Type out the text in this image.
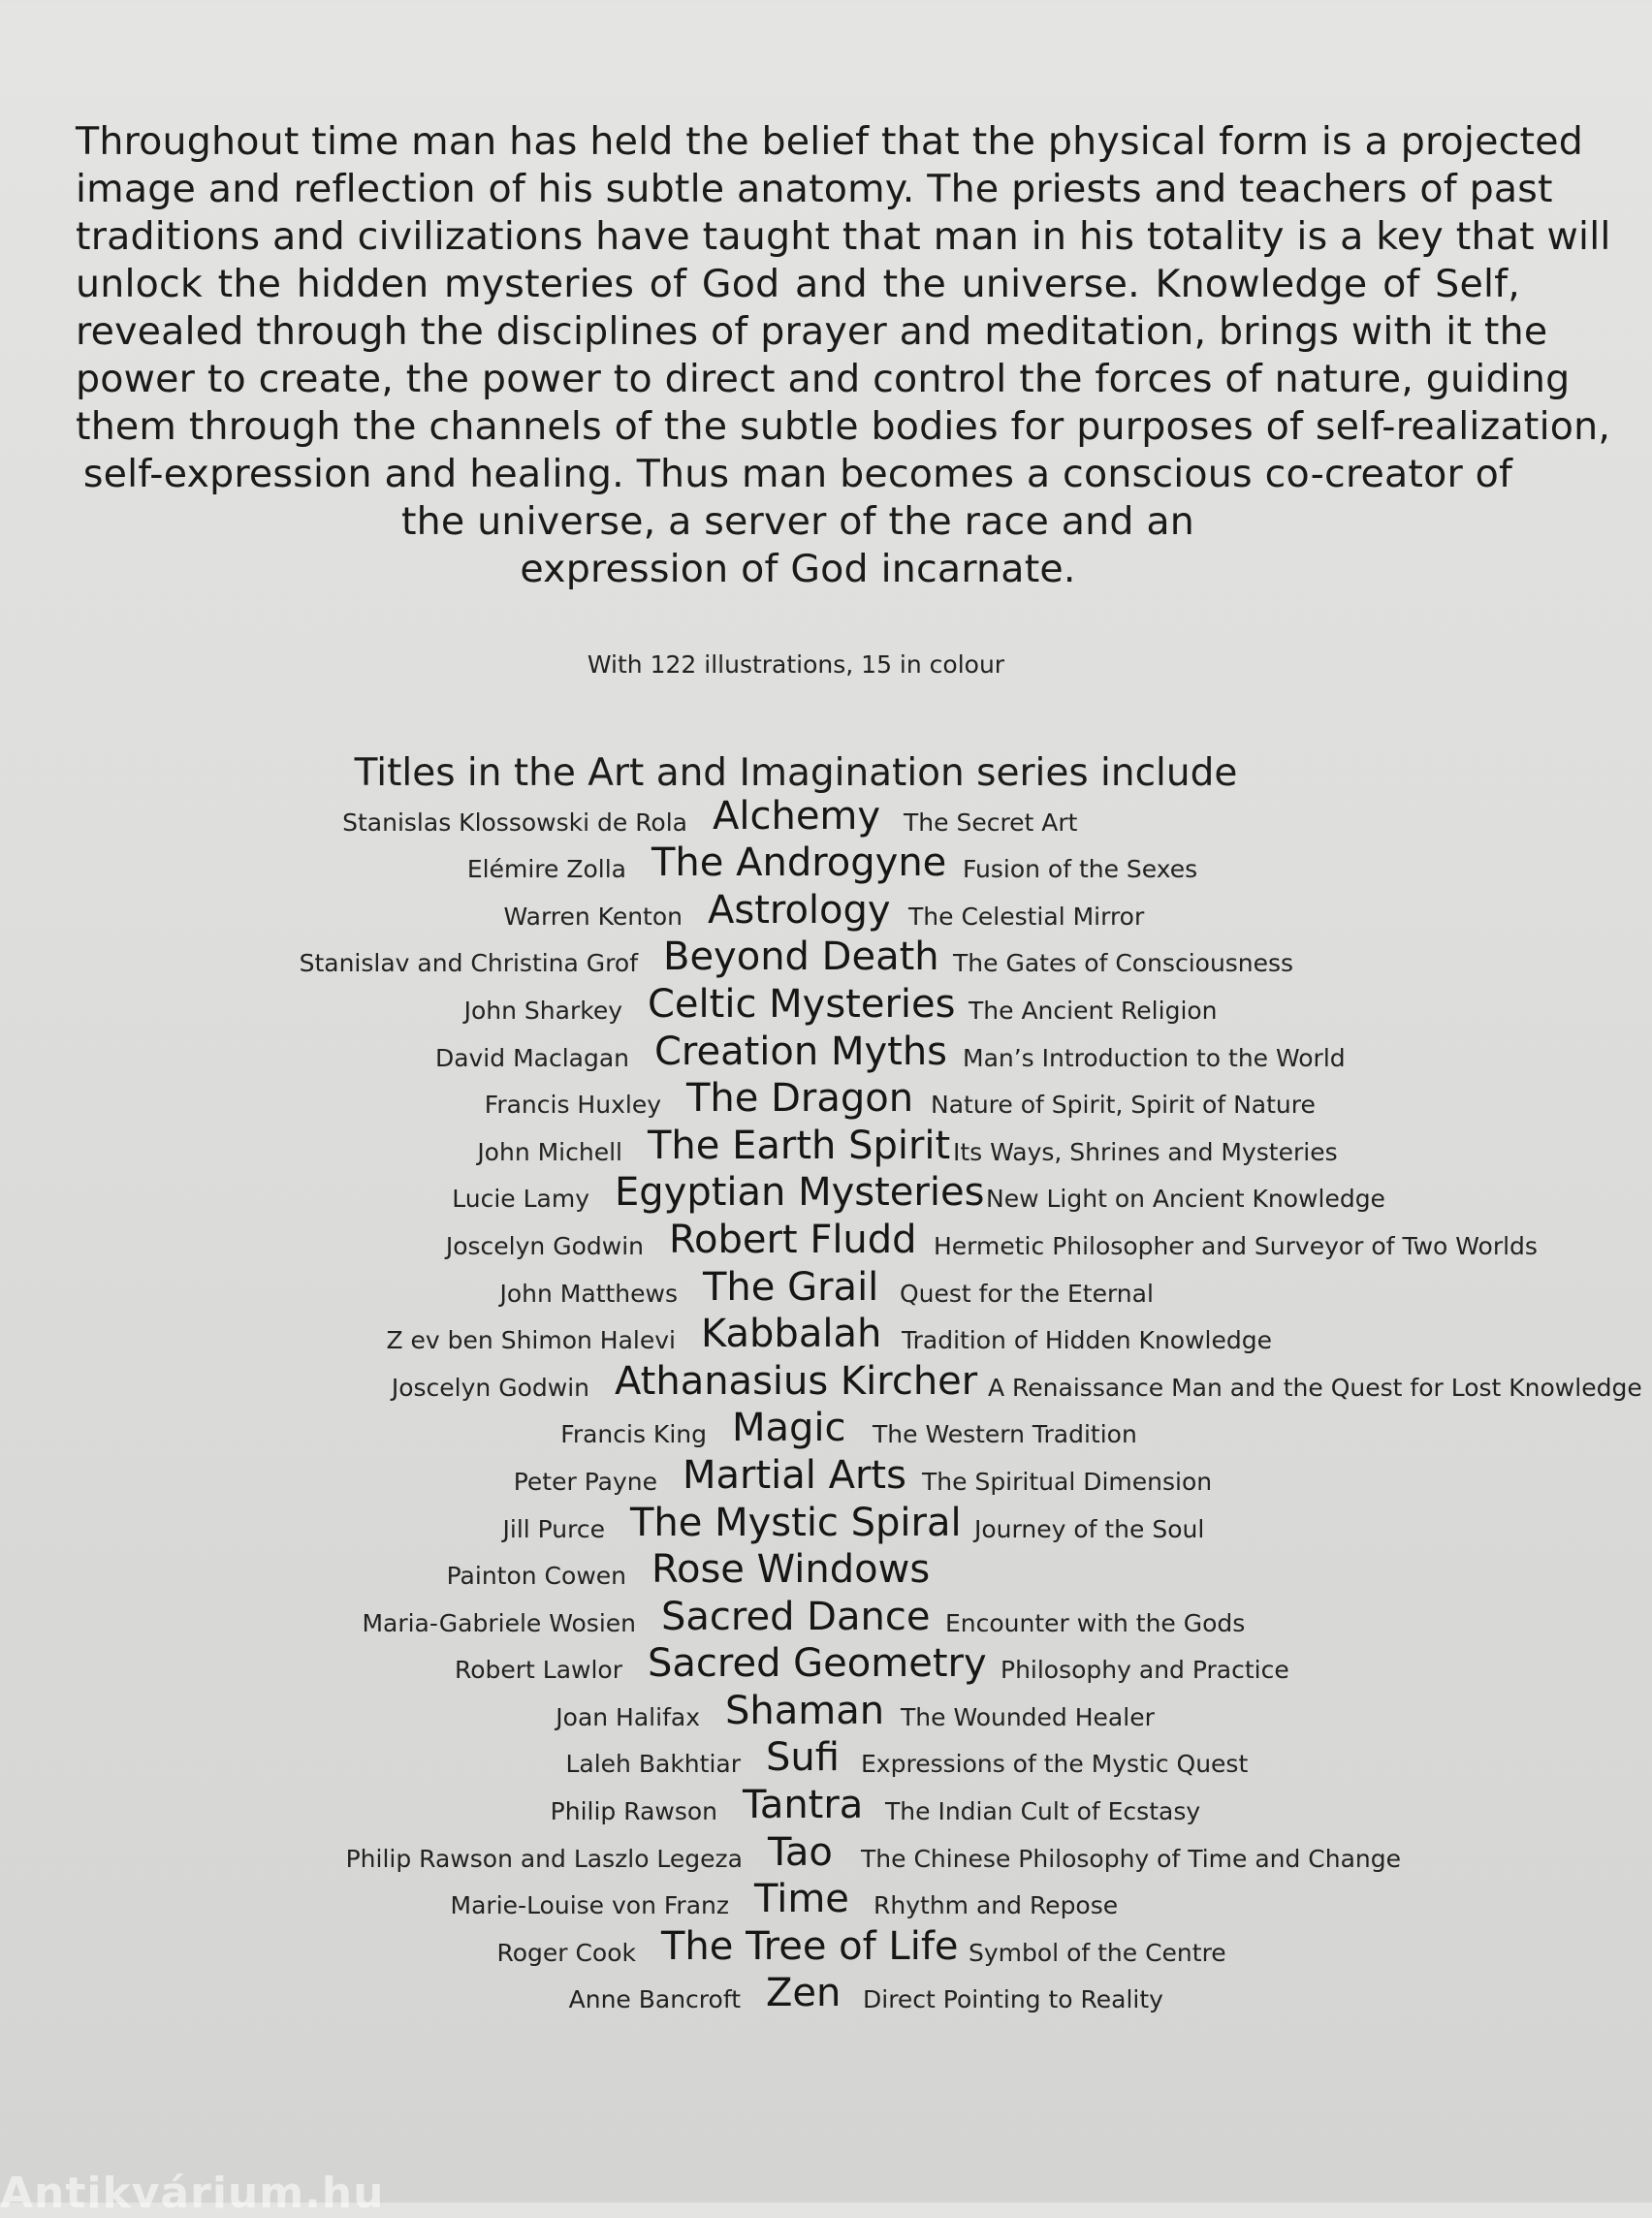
Throughout time man has held the belief that the physical form is a projected
image and reflection of his subtle anatomy. The priests and teachers of past
traditions and civilizations have taught that man in his totality is a key that will
unlock the hidden mysteries of God and the universe. Knowledge of Self,
revealed through the disciplines of prayer and meditation, brings with it the
power to create, the power to direct and control the forces of nature, guiding
them through the channels of the subtle bodies for purposes of self-realization,
self-expression and healing. Thus man becomes a conscious co-creator of
the universe, a server of the race and an
expression of God incarnate.
With 122 illustrations, 15 in colour
Titles in the Art and Imagination series include
Stanislas Klossowski de Rola Alchemy The Secret Art
Elémire Zolla The Androgyne Fusion of the Sexes
Warren Kenton Astrology The Celestial Mirror
Stanislav and Christina Grof Beyond Death The Gates of Consciousness
John Sharkey Celtic Mysteries The Ancient Religion
David Maclagan Creation Myths Man’s Introduction to the World
Francis Huxley The Dragon Nature of Spirit, Spirit of Nature
John Michell The Earth Spirit Its Ways, Shrines and Mysteries
Lucie Lamy Egyptian Mysteries New Light on Ancient Knowledge
Joscelyn Godwin Robert Fludd Hermetic Philosopher and Surveyor of Two Worlds
John Matthews The Grail Quest for the Eternal
Z ev ben Shimon Halevi Kabbalah Tradition of Hidden Knowledge
Joscelyn Godwin Athanasius Kircher A Renaissance Man and the Quest for Lost Knowledge
Francis King Magic The Western Tradition
Peter Payne Martial Arts The Spiritual Dimension
Jill Purce The Mystic Spiral Journey of the Soul
Painton Cowen Rose Windows
Maria-Gabriele Wosien Sacred Dance Encounter with the Gods
Robert Lawlor Sacred Geometry Philosophy and Practice
Joan Halifax Shaman The Wounded Healer
Laleh Bakhtiar Sufi Expressions of the Mystic Quest
Philip Rawson Tantra The Indian Cult of Ecstasy
Philip Rawson and Laszlo Legeza Tao The Chinese Philosophy of Time and Change
Marie-Louise von Franz Time Rhythm and Repose
Roger Cook The Tree of Life Symbol of the Centre
Anne Bancroft Zen Direct Pointing to Reality
Antikvárium.hu
